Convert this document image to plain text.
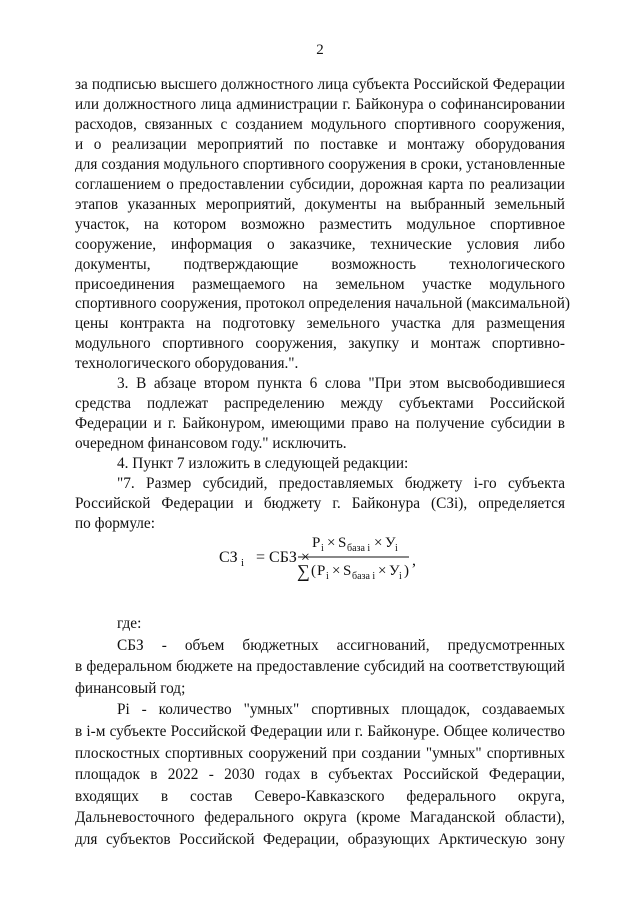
2
за подписью высшего должностного лица субъекта Российской Федерации
или должностного лица администрации г. Байконура о софинансировании
расходов, связанных с созданием модульного спортивного сооружения,
и о реализации мероприятий по поставке и монтажу оборудования
для создания модульного спортивного сооружения в сроки, установленные
соглашением о предоставлении субсидии, дорожная карта по реализации
этапов указанных мероприятий, документы на выбранный земельный
участок, на котором возможно разместить модульное спортивное
сооружение, информация о заказчике, технические условия либо
документы, подтверждающие возможность технологического
присоединения размещаемого на земельном участке модульного
спортивного сооружения, протокол определения начальной (максимальной)
цены контракта на подготовку земельного участка для размещения
модульного спортивного сооружения, закупку и монтаж спортивно-
технологического оборудования.".
3. В абзаце втором пункта 6 слова "При этом высвободившиеся
средства подлежат распределению между субъектами Российской
Федерации и г. Байконуром, имеющими право на получение субсидии в
очередном финансовом году." исключить.
4. Пункт 7 изложить в следующей редакции:
"7. Размер субсидий, предоставляемых бюджету i-го субъекта
Российской Федерации и бюджету г. Байконура (СЗi), определяется
по формуле:
СЗ i = СБЗ ×
P i × S база i × У i
∑ ( P i × S база i × У i )
,
где:
СБЗ - объем бюджетных ассигнований, предусмотренных
в федеральном бюджете на предоставление субсидий на соответствующий
финансовый год;
Рi - количество "умных" спортивных площадок, создаваемых
в i-м субъекте Российской Федерации или г. Байконуре. Общее количество
плоскостных спортивных сооружений при создании "умных" спортивных
площадок в 2022 - 2030 годах в субъектах Российской Федерации,
входящих в состав Северо-Кавказского федерального округа,
Дальневосточного федерального округа (кроме Магаданской области),
для субъектов Российской Федерации, образующих Арктическую зону
